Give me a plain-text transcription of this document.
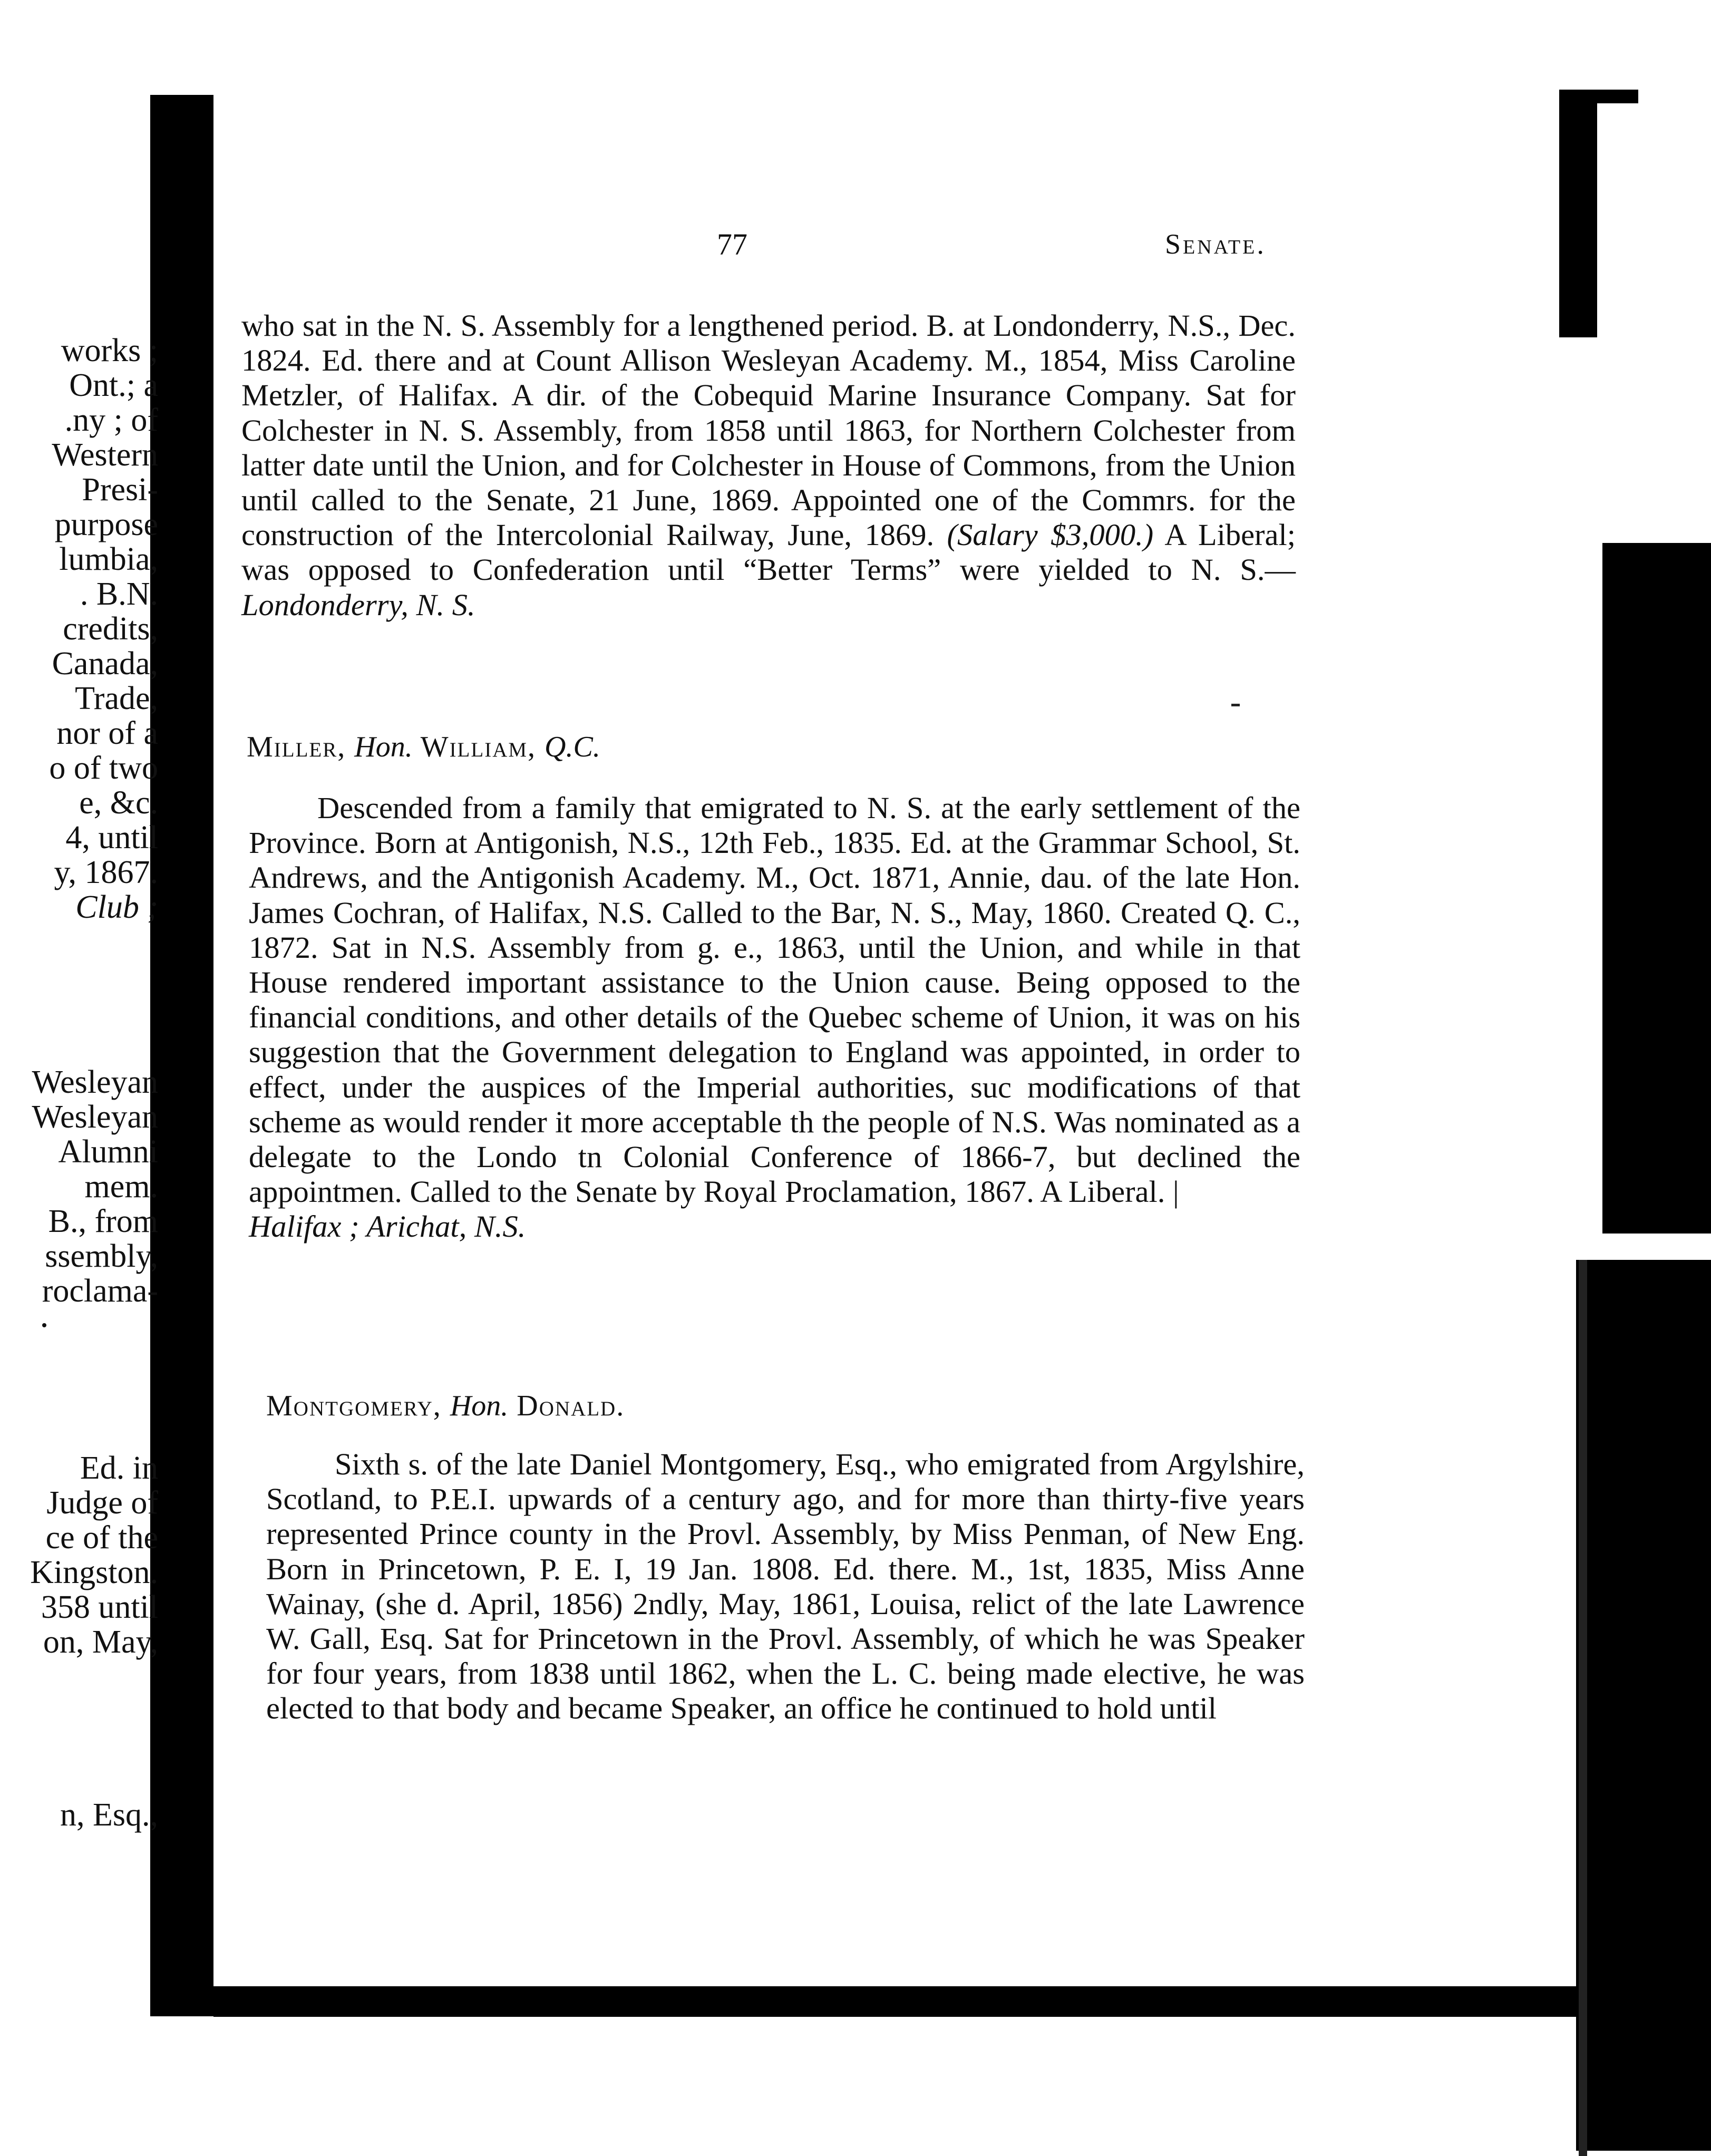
works ;

Ont.; a

.ny ; of

Western

Presi-

purpose

lumbia,

. B.N.

credits,

Canada,

Trade,

nor of a

o of two

e, &c.

4, until

y, 1867.

Club ;

Wesleyan

Wesleyan

Alumni

mem.

B., from

ssembly,

roclama-

Ed. in

Judge of

ce of the

Kingston.

358 until

on, May,

n, Esq.,

77	Senate.

who sat in the N. S. Assembly for a lengthened period. B. at Londonderry, N.S., Dec. 1824. Ed. there and at Count Allison Wesleyan Academy. M., 1854, Miss Caroline Metzler, of Halifax. A dir. of the Cobequid Marine Insurance Company. Sat for Colchester in N. S. Assembly, from 1858 until 1863, for Northern Colchester from latter date until the Union, and for Colchester in House of Commons, from the Union until called to the Senate, 21 June, 1869. Appointed one of the Commrs. for the construction of the Intercolonial Railway, June, 1869. (Salary $3,000.) A Liberal; was opposed to Confederation until “Better Terms” were yielded to N. S.—Londonderry, N. S.

Miller, Hon. William, Q.C.

Descended from a family that emigrated to N. S. at the early settlement of the Province. Born at Antigonish, N.S., 12th Feb., 1835. Ed. at the Grammar School, St. Andrews, and the Antigonish Academy. M., Oct. 1871, Annie, dau. of the late Hon. James Cochran, of Halifax, N.S. Called to the Bar, N. S., May, 1860. Created Q. C., 1872. Sat in N.S. Assembly from g. e., 1863, until the Union, and while in that House rendered important assistance to the Union cause. Being opposed to the financial conditions, and other details of the Quebec scheme of Union, it was on his suggestion that the Government delegation to England was appointed, in order to effect, under the auspices of the Imperial authorities, suc modifications of that scheme as would render it more acceptable th the people of N.S. Was nominated as a delegate to the Londo tn Colonial Conference of 1866-7, but declined the appointmen. Called to the Senate by Royal Proclamation, 1867. A Liberal. |
Halifax ; Arichat, N.S.

Montgomery, Hon. Donald.

Sixth s. of the late Daniel Montgomery, Esq., who emigrated from Argylshire, Scotland, to P.E.I. upwards of a century ago, and for more than thirty-five years represented Prince county in the Provl. Assembly, by Miss Penman, of New Eng. Born in Princetown, P. E. I, 19 Jan. 1808. Ed. there. M., 1st, 1835, Miss Anne Wainay, (she d. April, 1856) 2ndly, May, 1861, Louisa, relict of the late Lawrence W. Gall, Esq. Sat for Princetown in the Provl. Assembly, of which he was Speaker for four years, from 1838 until 1862, when the L. C. being made elective, he was elected to that body and became Speaker, an office he continued to hold until
